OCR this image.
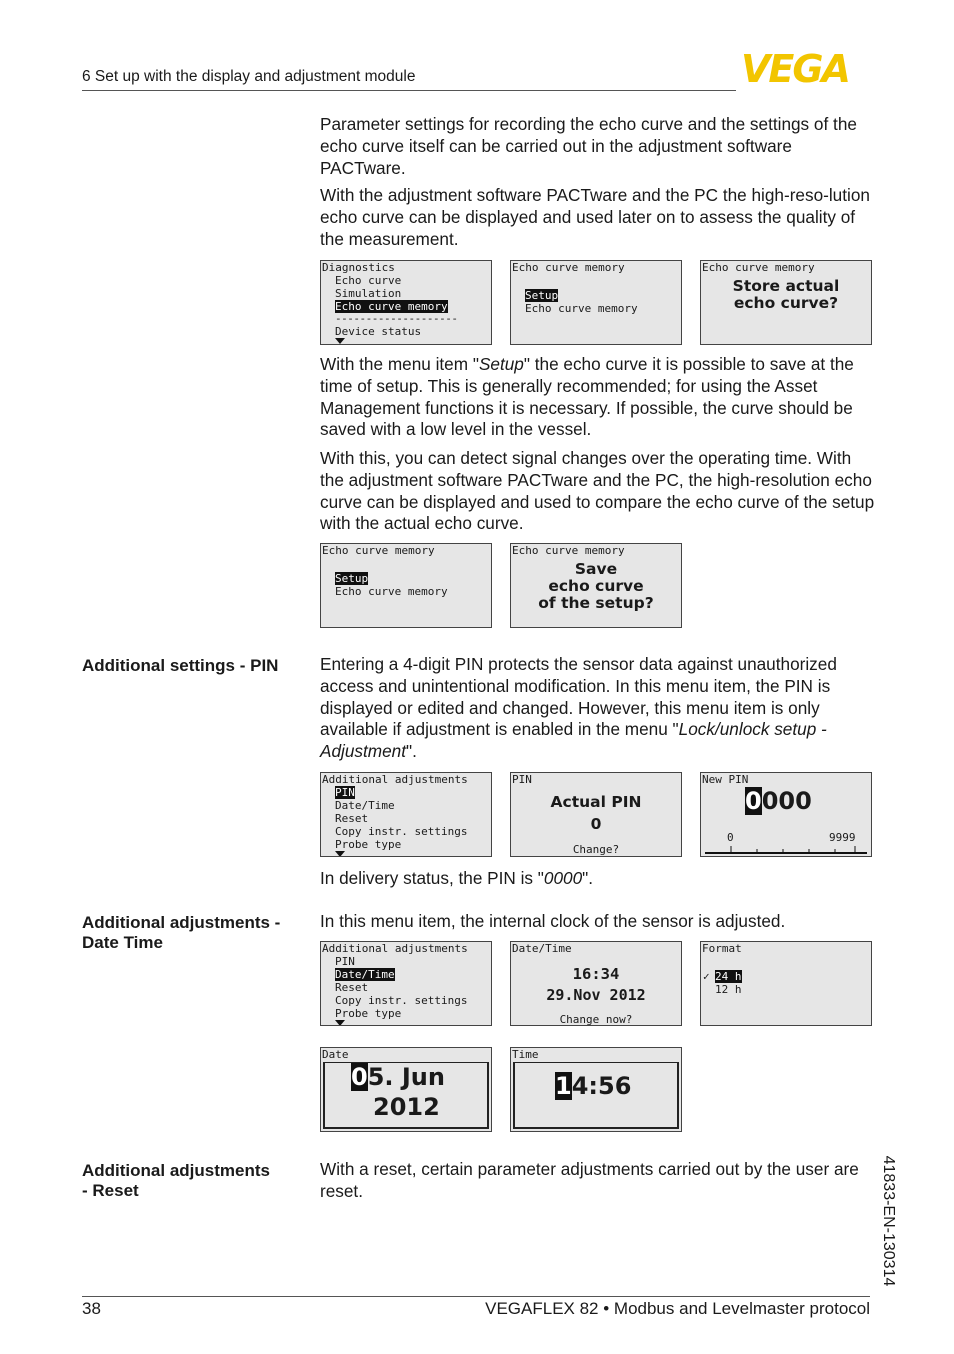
6 Set up with the display and adjustment module	VEGA

Parameter settings for recording the echo curve and the settings of the echo curve itself can be carried out in the adjustment software PACTware.

With the adjustment software PACTware and the PC the high-reso-lution echo curve can be displayed and used later on to assess the quality of the measurement.

Diagnostics
Echo curve
Simulation
Echo curve memory
--------------------
Device status
Echo curve memory
Setup
Echo curve memory
Echo curve memory
Store actual
echo curve?

With the menu item "Setup" the echo curve it is possible to save at the time of setup. This is generally recommended; for using the Asset Management functions it is necessary. If possible, the curve should be saved with a low level in the vessel.

With this, you can detect signal changes over the operating time. With the adjustment software PACTware and the PC, the high-resolution echo curve can be displayed and used to compare the echo curve of the setup with the actual echo curve.

Echo curve memory
Setup
Echo curve memory
Echo curve memory
Save
echo curve
of the setup?
Additional settings - PIN	Entering a 4-digit PIN protects the sensor data against unauthorized access and unintentional modification. In this menu item, the PIN is displayed or edited and changed. However, this menu item is only available if adjustment is enabled in the menu "Lock/unlock setup - Adjustment".

Additional adjustments
PIN
Date/Time
Reset
Copy instr. settings
Probe type
PIN
Actual PIN
0
Change?
New PIN
0000
0	9999

In delivery status, the PIN is "0000".

Additional adjustments -
Date Time

In this menu item, the internal clock of the sensor is adjusted.

Additional adjustments
PIN
Date/Time
Reset
Copy instr. settings
Probe type
Date/Time
16:34
29.Nov 2012
Change now?
Format
✓ 24 h
12 h
Date
05. Jun
2012
Time
14:56
Additional adjustments
- Reset

With a reset, certain parameter adjustments carried out by the user are reset.	41833-EN-130314
38	VEGAFLEX 82 • Modbus and Levelmaster protocol
